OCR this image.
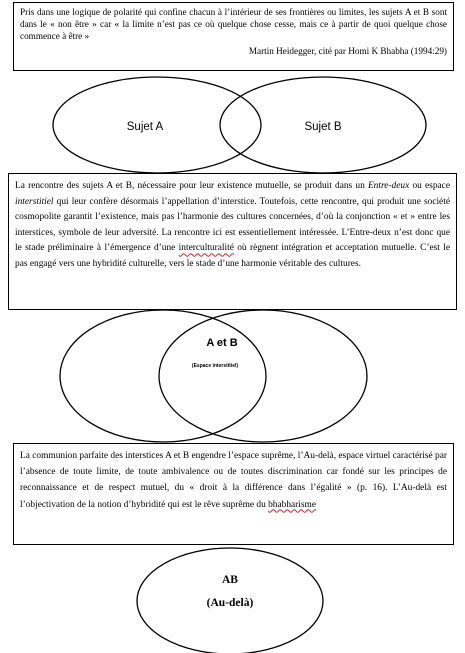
Sujet A	Sujet B
A et B
(Espace interstitiel)
AB
(Au-delà)
Pris dans une logique de polarité qui confine chacun à l’intérieur de ses frontières ou limites, les sujets A et B sont dans le « non être » car « la limite n’est pas ce où quelque chose cesse, mais ce à partir de quoi quelque chose commence à être »
Martin Heidegger, cité par Homi K Bhabha (1994:29)
La rencontre des sujets A et B, nécessaire pour leur existence mutuelle, se produit dans un Entre-deux ou espace interstitiel qui leur confère désormais l’appellation d’interstice. Toutefois, cette rencontre, qui produit une société cosmopolite garantit l’existence, mais pas l’harmonie des cultures concernées, d’où la conjonction « et » entre les interstices, symbole de leur adversité. La rencontre ici est essentiellement intéressée. L’Entre-deux n’est donc que le stade préliminaire à l’émergence d’une interculturalité où règnent intégration et acceptation mutuelle. C’est le pas engagé vers une hybridité culturelle, vers le stade d’une harmonie véritable des cultures.
La communion parfaite des interstices A et B engendre l’espace suprême, l’Au-delà, espace virtuel caractérisé par l’absence de toute limite, de toute ambivalence ou de toutes discrimination car fondé sur les principes de reconnaissance et de respect mutuel, du « droit à la différence dans l’égalité » (p. 16). L’Au-delà est l’objectivation de la notion d’hybridité qui est le rêve suprême du bhabharisme
